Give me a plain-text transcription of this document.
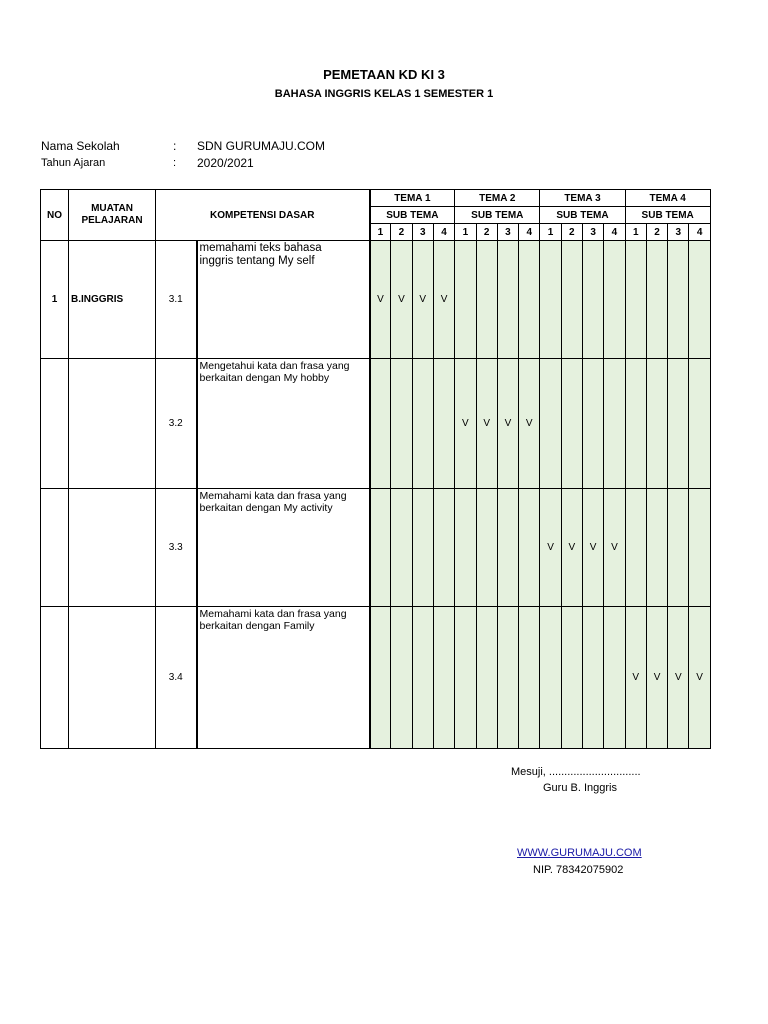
PEMETAAN KD KI 3
BAHASA INGGRIS KELAS 1 SEMESTER 1
Nama Sekolah	: SDN GURUMAJU.COM
Tahun Ajaran	: 2020/2021
NO	MUATAN
PELAJARAN	KOMPETENSI DASAR		TEMA 1				TEMA 2				TEMA 3				TEMA 4			
				SUB TEMA				SUB TEMA				SUB TEMA				SUB TEMA			
				1	2	3	4	1	2	3	4	1	2	3	4	1	2	3	4
1	B.INGGRIS	3.1	memahami teks bahasa
inggris tentang My self	V	V	V	V												
		3.2	Mengetahui kata dan frasa yang
berkaitan dengan My hobby					V	V	V	V								
		3.3	Memahami kata dan frasa yang
berkaitan dengan My activity									V	V	V	V				
		3.4	Memahami kata dan frasa yang
berkaitan dengan Family													V	V	V	V
Mesuji, ..............................
Guru B. Inggris
WWW.GURUMAJU.COM
NIP. 78342075902
